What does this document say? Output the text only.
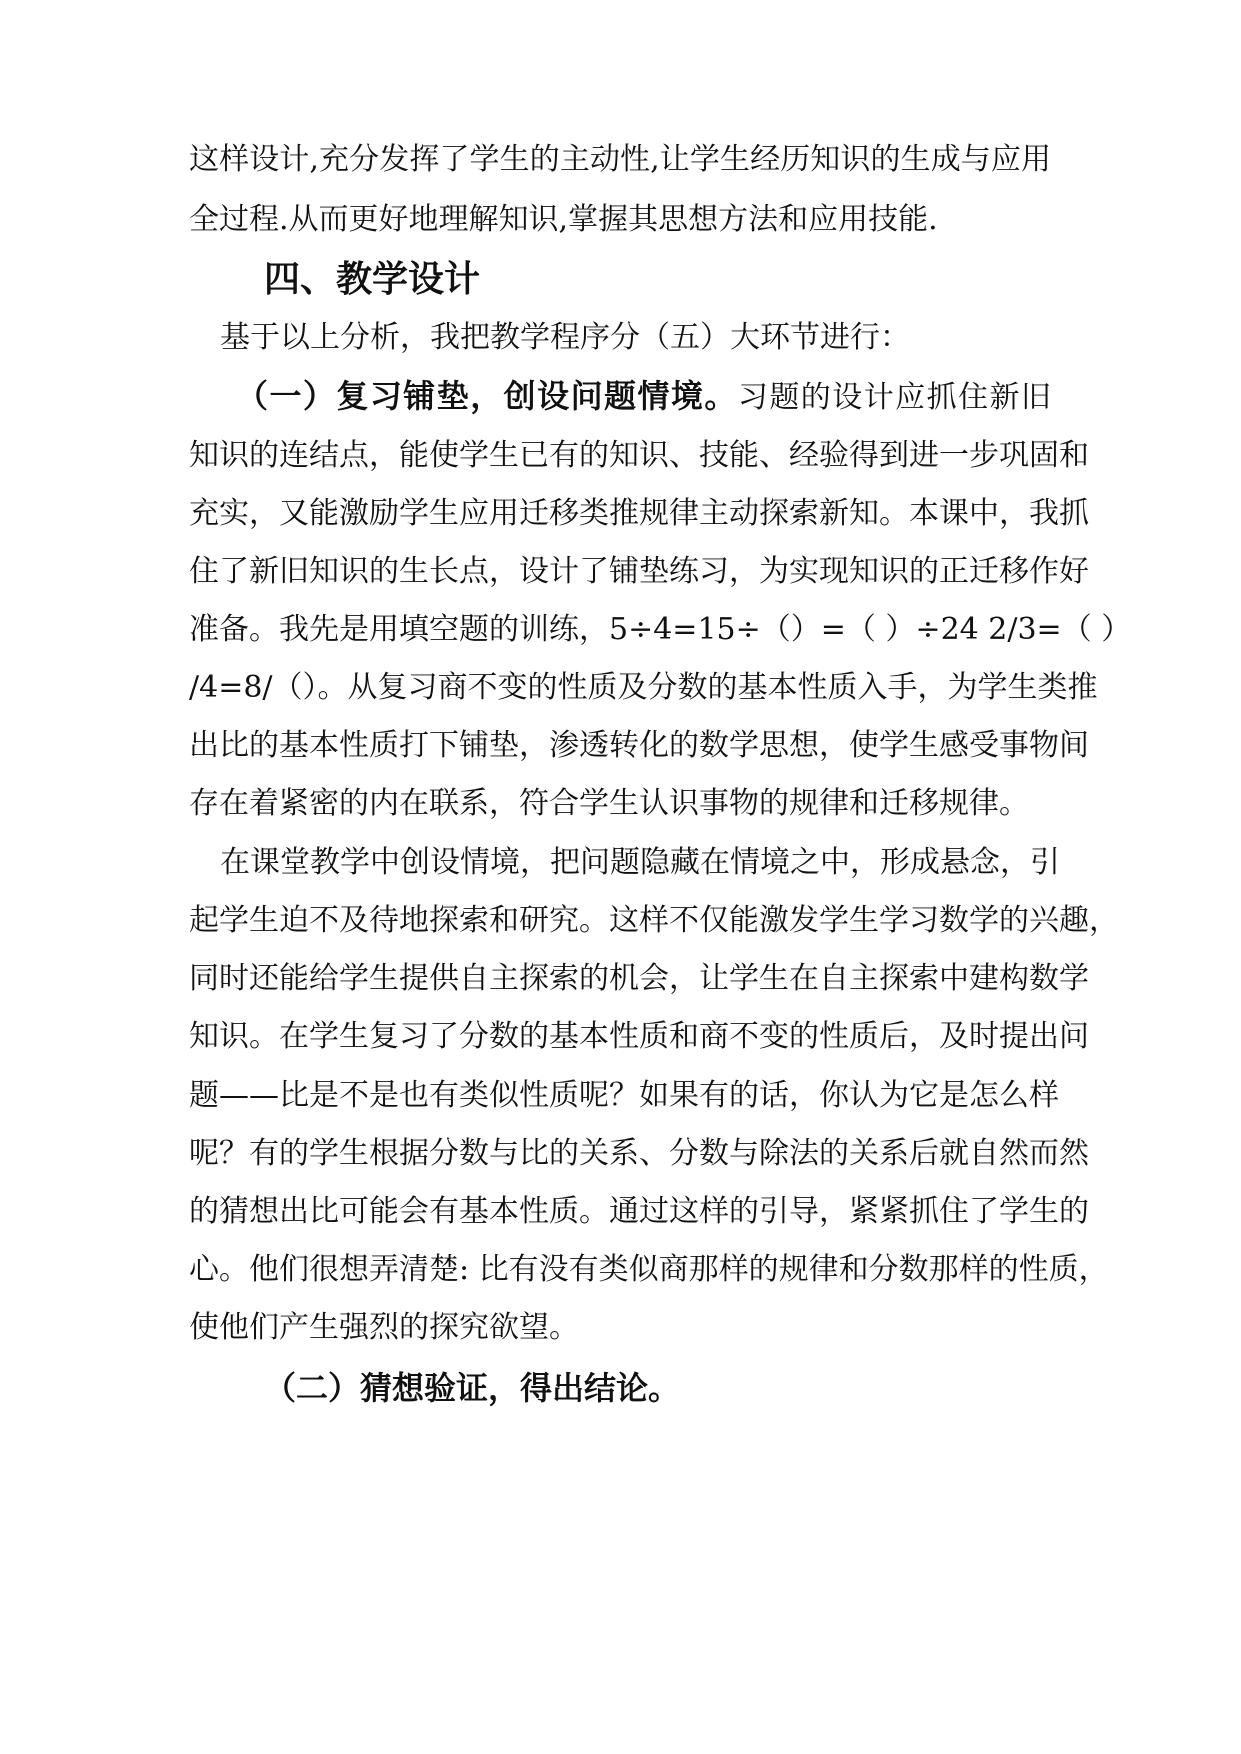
这样设计,充分发挥了学生的主动性,让学生经历知识的生成与应用
全过程.从而更好地理解知识,掌握其思想方法和应用技能.
四、教学设计
基于以上分析，我把教学程序分（五）大环节进行：
（一）复习铺垫，创设问题情境。习题的设计应抓住新旧
知识的连结点，能使学生已有的知识、技能、经验得到进一步巩固和
充实，又能激励学生应用迁移类推规律主动探索新知。本课中，我抓
住了新旧知识的生长点，设计了铺垫练习，为实现知识的正迁移作好
准备。我先是用填空题的训练，5÷4=15÷（）=（ ）÷24 2/3=（ ）
/4=8/（）。从复习商不变的性质及分数的基本性质入手，为学生类推
出比的基本性质打下铺垫，渗透转化的数学思想，使学生感受事物间
存在着紧密的内在联系，符合学生认识事物的规律和迁移规律。
在课堂教学中创设情境，把问题隐藏在情境之中，形成悬念，引
起学生迫不及待地探索和研究。这样不仅能激发学生学习数学的兴趣，
同时还能给学生提供自主探索的机会，让学生在自主探索中建构数学
知识。在学生复习了分数的基本性质和商不变的性质后，及时提出问
题——比是不是也有类似性质呢？如果有的话，你认为它是怎么样
呢？有的学生根据分数与比的关系、分数与除法的关系后就自然而然
的猜想出比可能会有基本性质。通过这样的引导，紧紧抓住了学生的
心。他们很想弄清楚: 比有没有类似商那样的规律和分数那样的性质，
使他们产生强烈的探究欲望。
（二）猜想验证，得出结论。
